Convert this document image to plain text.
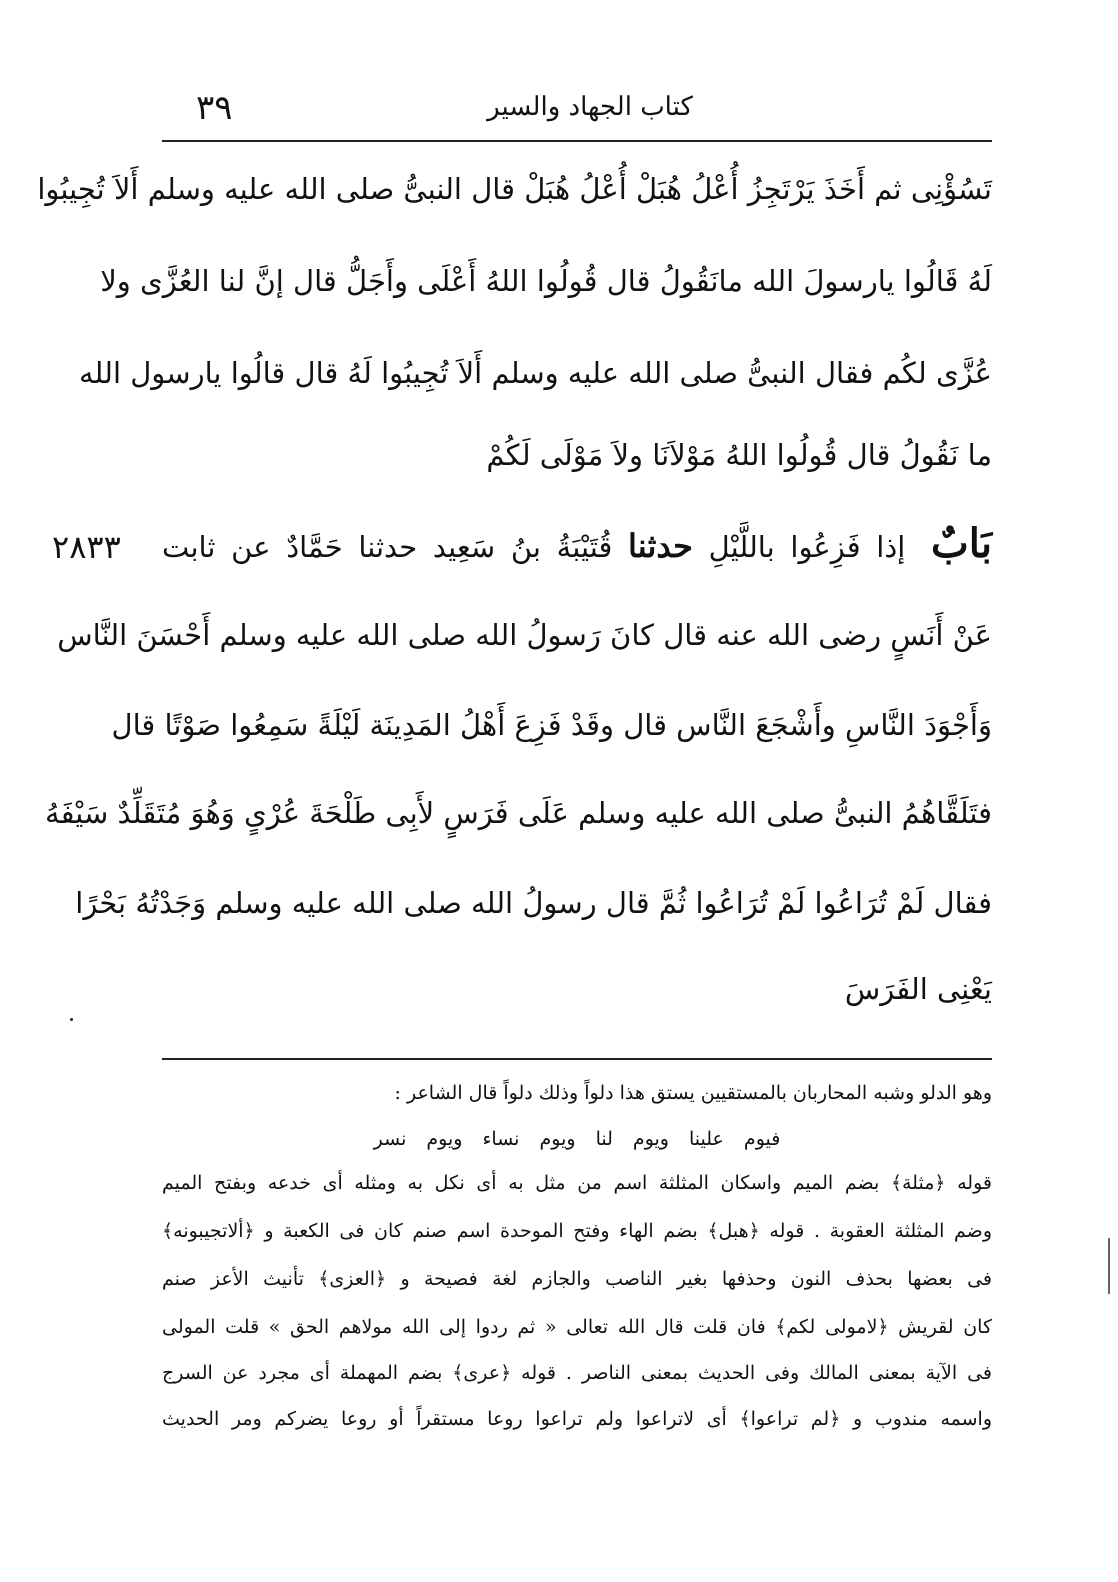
٣٩	كتاب الجهاد والسير
تَسُؤْنِى ثم أَخَذَ يَرْتَجِزُ أُعْلُ هُبَلْ أُعْلُ هُبَلْ قال النبىُّ صلى الله عليه وسلم أَلاَ تُجِيبُوا
لَهُ قَالُوا يارسولَ الله مانَقُولُ قال قُولُوا اللهُ أَعْلَى وأَجَلُّ قال إنَّ لنا العُزَّى ولا
عُزَّى لكُم فقال النبىُّ صلى الله عليه وسلم أَلاَ تُجِيبُوا لَهُ قال قالُوا يارسول الله
ما نَقُولُ قال قُولُوا اللهُ مَوْلاَنَا ولاَ مَوْلَى لَكُمْ
٢٨٣٣	بَابٌ إذا فَزِعُوا باللَّيْلِ حدثنا قُتَيْبَةُ بنُ سَعِيد حدثنا حَمَّادٌ عن ثابت
عَنْ أَنَسٍ رضى الله عنه قال كانَ رَسولُ الله صلى الله عليه وسلم أَحْسَنَ النَّاس
وَأَجْوَدَ النَّاسِ وأَشْجَعَ النَّاس قال وقَدْ فَزِعَ أَهْلُ المَدِينَة لَيْلَةً سَمِعُوا صَوْتًا قال
فتَلَقَّاهُمُ النبىُّ صلى الله عليه وسلم عَلَى فَرَسٍ لأَبِى طَلْحَةَ عُرْىٍ وَهُوَ مُتَقَلِّدٌ سَيْفَهُ
فقال لَمْ تُرَاعُوا لَمْ تُرَاعُوا ثُمَّ قال رسولُ الله صلى الله عليه وسلم وَجَدْتُهُ بَحْرًا
يَعْنِى الفَرَسَ
وهو الدلو وشبه المحاربان بالمستقيين يستق هذا دلواً وذلك دلواً قال الشاعر :
فيوم علينا ويوم لنا ويوم نساء ويوم نسر
قوله ﴿مثلة﴾ بضم الميم واسكان المثلثة اسم من مثل به أى نكل به ومثله أى خدعه وبفتح الميم
وضم المثلثة العقوبة . قوله ﴿هبل﴾ بضم الهاء وفتح الموحدة اسم صنم كان فى الكعبة و ﴿ألاتجيبونه﴾
فى بعضها بحذف النون وحذفها بغير الناصب والجازم لغة فصيحة و ﴿العزى﴾ تأنيث الأعز صنم
كان لقريش ﴿لامولى لكم﴾ فان قلت قال الله تعالى « ثم ردوا إلى الله مولاهم الحق » قلت المولى
فى الآية بمعنى المالك وفى الحديث بمعنى الناصر . قوله ﴿عرى﴾ بضم المهملة أى مجرد عن السرج
واسمه مندوب و ﴿لم تراعوا﴾ أى لاتراعوا ولم تراعوا روعا مستقراً أو روعا يضركم ومر الحديث
